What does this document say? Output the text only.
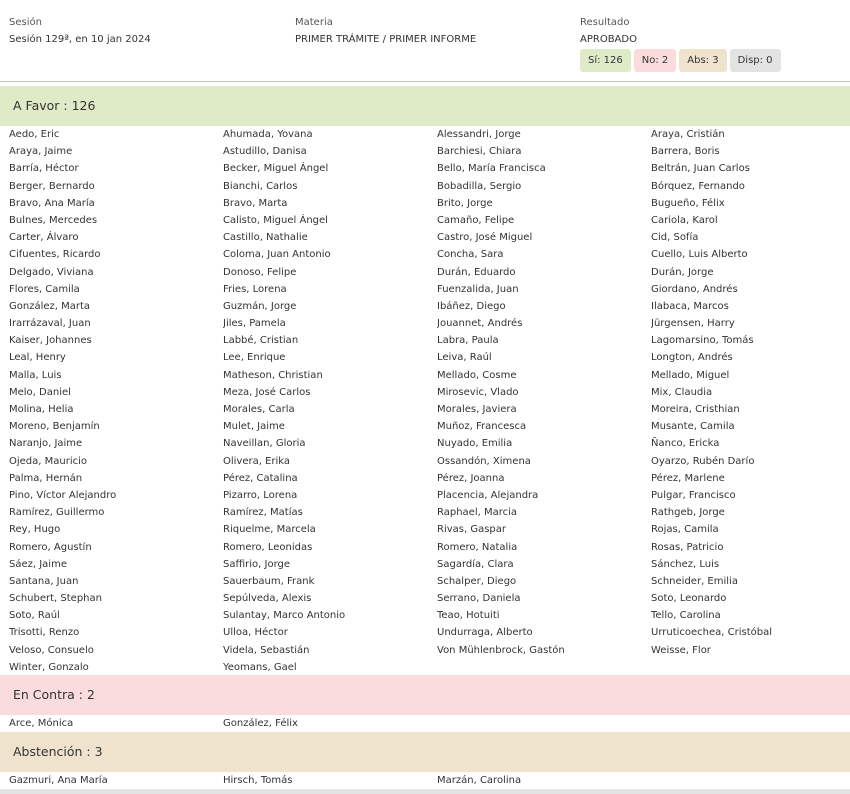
Sesión
Sesión 129ª, en 10 jan 2024
Materia
PRIMER TRÁMITE / PRIMER INFORME
Resultado
APROBADO
Sí: 126	No: 2	Abs: 3	Disp: 0
A Favor : 126
Aedo, Eric	Ahumada, Yovana	Alessandri, Jorge	Araya, Cristián
Araya, Jaime	Astudillo, Danisa	Barchiesi, Chiara	Barrera, Boris
Barría, Héctor	Becker, Miguel Ángel	Bello, María Francisca	Beltrán, Juan Carlos
Berger, Bernardo	Bianchi, Carlos	Bobadilla, Sergio	Bórquez, Fernando
Bravo, Ana María	Bravo, Marta	Brito, Jorge	Bugueño, Félix
Bulnes, Mercedes	Calisto, Miguel Ángel	Camaño, Felipe	Cariola, Karol
Carter, Álvaro	Castillo, Nathalie	Castro, José Miguel	Cid, Sofía
Cifuentes, Ricardo	Coloma, Juan Antonio	Concha, Sara	Cuello, Luis Alberto
Delgado, Viviana	Donoso, Felipe	Durán, Eduardo	Durán, Jorge
Flores, Camila	Fries, Lorena	Fuenzalida, Juan	Giordano, Andrés
González, Marta	Guzmán, Jorge	Ibáñez, Diego	Ilabaca, Marcos
Irarrázaval, Juan	Jiles, Pamela	Jouannet, Andrés	Jürgensen, Harry
Kaiser, Johannes	Labbé, Cristian	Labra, Paula	Lagomarsino, Tomás
Leal, Henry	Lee, Enrique	Leiva, Raúl	Longton, Andrés
Malla, Luis	Matheson, Christian	Mellado, Cosme	Mellado, Miguel
Melo, Daniel	Meza, José Carlos	Mirosevic, Vlado	Mix, Claudia
Molina, Helia	Morales, Carla	Morales, Javiera	Moreira, Cristhian
Moreno, Benjamín	Mulet, Jaime	Muñoz, Francesca	Musante, Camila
Naranjo, Jaime	Naveillan, Gloria	Nuyado, Emilia	Ñanco, Ericka
Ojeda, Mauricio	Olivera, Erika	Ossandón, Ximena	Oyarzo, Rubén Darío
Palma, Hernán	Pérez, Catalina	Pérez, Joanna	Pérez, Marlene
Pino, Víctor Alejandro	Pizarro, Lorena	Placencia, Alejandra	Pulgar, Francisco
Ramírez, Guillermo	Ramírez, Matías	Raphael, Marcia	Rathgeb, Jorge
Rey, Hugo	Riquelme, Marcela	Rivas, Gaspar	Rojas, Camila
Romero, Agustín	Romero, Leonidas	Romero, Natalia	Rosas, Patricio
Sáez, Jaime	Saffirio, Jorge	Sagardía, Clara	Sánchez, Luis
Santana, Juan	Sauerbaum, Frank	Schalper, Diego	Schneider, Emilia
Schubert, Stephan	Sepúlveda, Alexis	Serrano, Daniela	Soto, Leonardo
Soto, Raúl	Sulantay, Marco Antonio	Teao, Hotuiti	Tello, Carolina
Trisotti, Renzo	Ulloa, Héctor	Undurraga, Alberto	Urruticoechea, Cristóbal
Veloso, Consuelo	Videla, Sebastián	Von Mühlenbrock, Gastón	Weisse, Flor
Winter, Gonzalo	Yeomans, Gael
En Contra : 2
Arce, Mónica	González, Félix
Abstención : 3
Gazmuri, Ana María	Hirsch, Tomás	Marzán, Carolina
